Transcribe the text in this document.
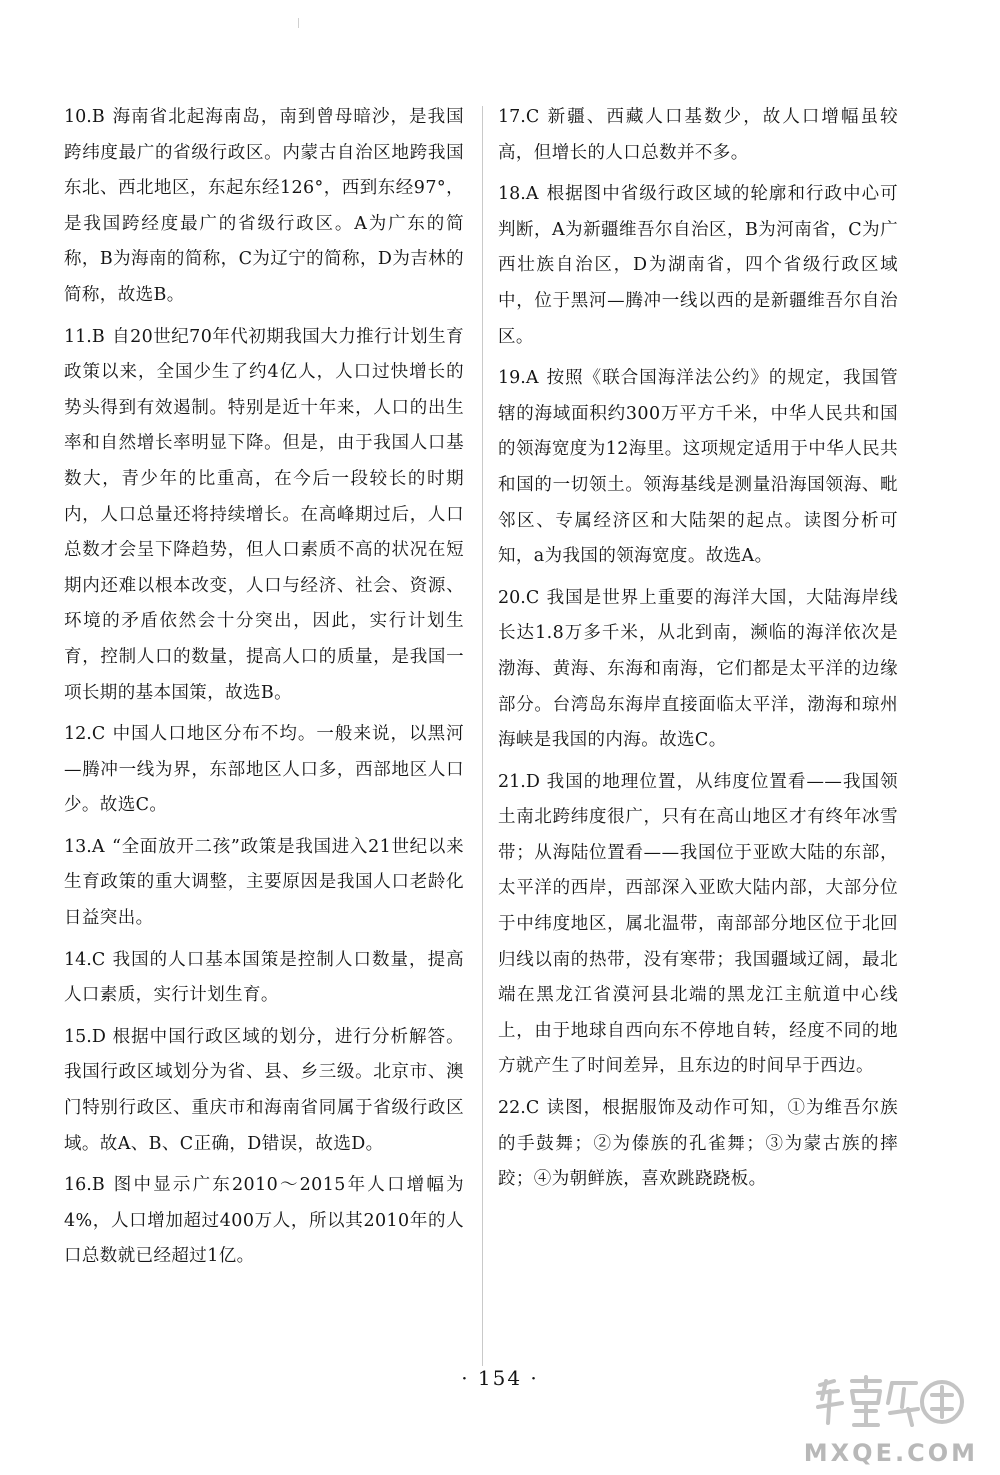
10.B 海南省北起海南岛，南到曾母暗沙，是我国跨纬度最广的省级行政区。内蒙古自治区地跨我国东北、西北地区，东起东经126°，西到东经97°，是我国跨经度最广的省级行政区。A为广东的简称，B为海南的简称，C为辽宁的简称，D为吉林的简称，故选B。
11.B 自20世纪70年代初期我国大力推行计划生育政策以来，全国少生了约4亿人，人口过快增长的势头得到有效遏制。特别是近十年来，人口的出生率和自然增长率明显下降。但是，由于我国人口基数大，青少年的比重高，在今后一段较长的时期内，人口总量还将持续增长。在高峰期过后，人口总数才会呈下降趋势，但人口素质不高的状况在短期内还难以根本改变，人口与经济、社会、资源、环境的矛盾依然会十分突出，因此，实行计划生育，控制人口的数量，提高人口的质量，是我国一项长期的基本国策，故选B。
12.C 中国人口地区分布不均。一般来说，以黑河—腾冲一线为界，东部地区人口多，西部地区人口少。故选C。
13.A “全面放开二孩”政策是我国进入21世纪以来生育政策的重大调整，主要原因是我国人口老龄化日益突出。
14.C 我国的人口基本国策是控制人口数量，提高人口素质，实行计划生育。
15.D 根据中国行政区域的划分，进行分析解答。我国行政区域划分为省、县、乡三级。北京市、澳门特别行政区、重庆市和海南省同属于省级行政区域。故A、B、C正确，D错误，故选D。
16.B 图中显示广东2010～2015年人口增幅为4%，人口增加超过400万人，所以其2010年的人口总数就已经超过1亿。
17.C 新疆、西藏人口基数少，故人口增幅虽较高，但增长的人口总数并不多。
18.A 根据图中省级行政区域的轮廓和行政中心可判断，A为新疆维吾尔自治区，B为河南省，C为广西壮族自治区，D为湖南省，四个省级行政区域中，位于黑河—腾冲一线以西的是新疆维吾尔自治区。
19.A 按照《联合国海洋法公约》的规定，我国管辖的海域面积约300万平方千米，中华人民共和国的领海宽度为12海里。这项规定适用于中华人民共和国的一切领土。领海基线是测量沿海国领海、毗邻区、专属经济区和大陆架的起点。读图分析可知，a为我国的领海宽度。故选A。
20.C 我国是世界上重要的海洋大国，大陆海岸线长达1.8万多千米，从北到南，濒临的海洋依次是渤海、黄海、东海和南海，它们都是太平洋的边缘部分。台湾岛东海岸直接面临太平洋，渤海和琼州海峡是我国的内海。故选C。
21.D 我国的地理位置，从纬度位置看——我国领土南北跨纬度很广，只有在高山地区才有终年冰雪带；从海陆位置看——我国位于亚欧大陆的东部，太平洋的西岸，西部深入亚欧大陆内部，大部分位于中纬度地区，属北温带，南部部分地区位于北回归线以南的热带，没有寒带；我国疆域辽阔，最北端在黑龙江省漠河县北端的黑龙江主航道中心线上，由于地球自西向东不停地自转，经度不同的地方就产生了时间差异，且东边的时间早于西边。
22.C 读图，根据服饰及动作可知，①为维吾尔族的手鼓舞；②为傣族的孔雀舞；③为蒙古族的摔跤；④为朝鲜族，喜欢跳跷跷板。
· 154 ·
MXQE.COM
